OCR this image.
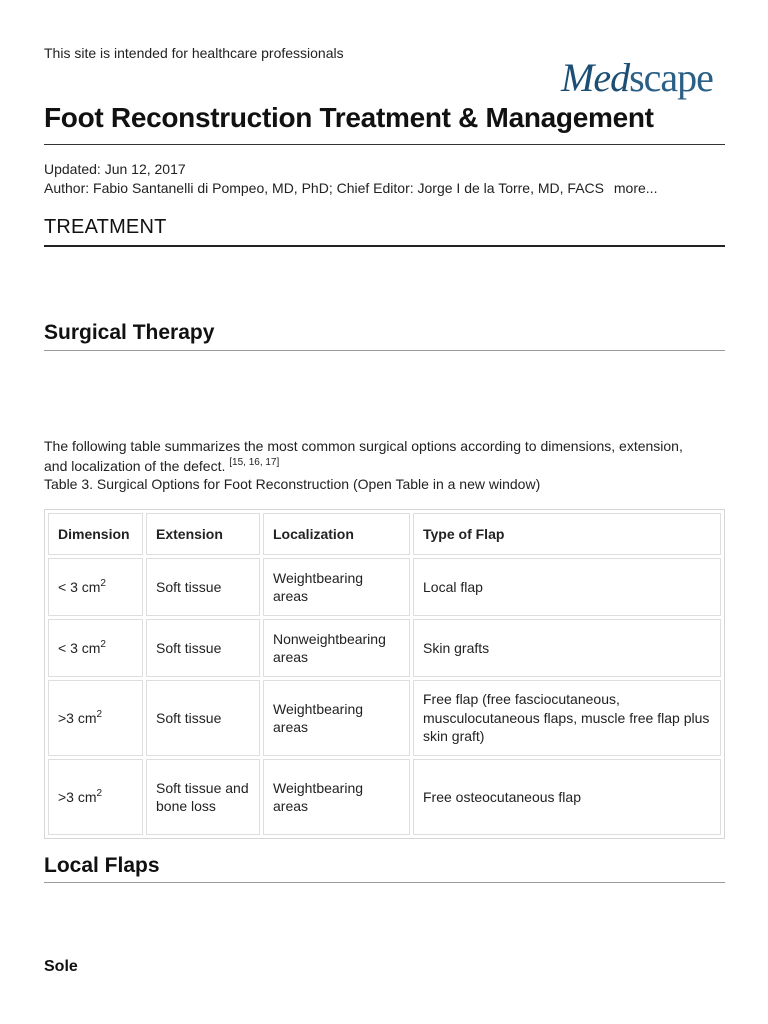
This site is intended for healthcare professionals
Medscape
Foot Reconstruction Treatment & Management
Updated: Jun 12, 2017
Author: Fabio Santanelli di Pompeo, MD, PhD; Chief Editor: Jorge I de la Torre, MD, FACS more...
TREATMENT
Surgical Therapy

The following table summarizes the most common surgical options according to dimensions, extension, and localization of the defect. [15, 16, 17]

Table 3. Surgical Options for Foot Reconstruction (Open Table in a new window)
Dimension	Extension	Localization	Type of Flap
< 3 $cm^2$	Soft tissue	Weightbearing areas	Local flap
< 3 $cm^2$	Soft tissue	Nonweightbearing areas	Skin grafts
>3 $cm^2$	Soft tissue	Weightbearing areas	Free flap (free fasciocutaneous, musculocutaneous flaps, muscle free flap plus skin graft)
>3 $cm^2$	Soft tissue and bone loss	Weightbearing areas	Free osteocutaneous flap
Local Flaps
Sole
